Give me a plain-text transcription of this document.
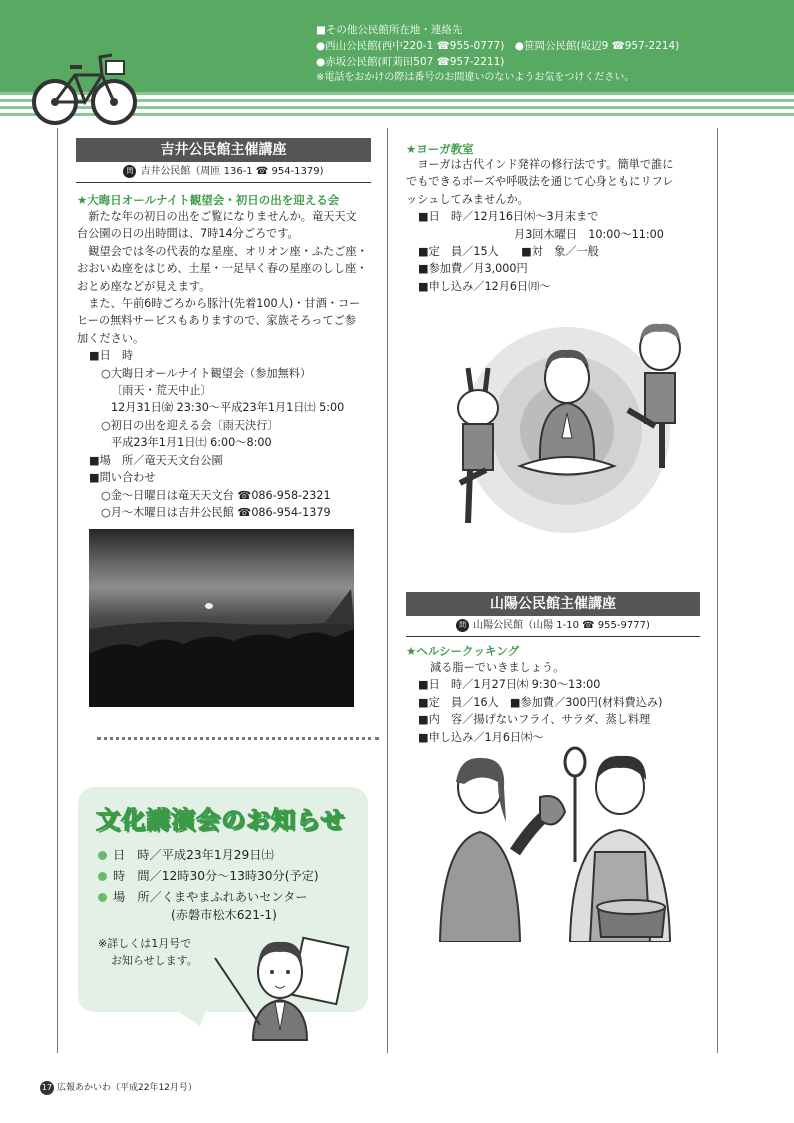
■その他公民館所在地・連絡先
●西山公民館(西中220-1 ☎955-0777)　●笹岡公民館(坂辺9 ☎957-2214)
●赤坂公民館(町苅田507 ☎957-2211)
※電話をおかけの際は番号のお間違いのないようお気をつけください。
吉井公民館主催講座
問 吉井公民館（周匝 136-1 ☎ 954-1379)
★大晦日オールナイト観望会・初日の出を迎える会
　新たな年の初日の出をご覧になりませんか。竜天天文
台公園の日の出時間は、7時14分ごろです。
　観望会では冬の代表的な星座、オリオン座・ふたご座・
おおいぬ座をはじめ、土星・一足早く春の星座のしし座・
おとめ座などが見えます。
　また、午前6時ごろから豚汁(先着100人)・甘酒・コー
ヒーの無料サービスもありますので、家族そろってご参
加ください。
■日　時
○大晦日オールナイト観望会（参加無料）
〔雨天・荒天中止〕
12月31日㈮ 23:30～平成23年1月1日㈯ 5:00
○初日の出を迎える会〔雨天決行〕
平成23年1月1日㈯ 6:00～8:00
■場　所／竜天天文台公園
■問い合わせ
○金～日曜日は竜天天文台 ☎086-958-2321
○月～木曜日は吉井公民館 ☎086-954-1379
文化講演会のお知らせ
日　時／平成23年1月29日㈯
時　間／12時30分～13時30分(予定)
場　所／くまやまふれあいセンター
(赤磐市松木621-1)
※詳しくは1月号で
お知らせします。
★ヨーガ教室
　ヨーガは古代インド発祥の修行法です。簡単で誰に
でもできるポーズや呼吸法を通じて心身ともにリフレ
ッシュしてみませんか。
■日　時／12月16日㈭～3月末まで
月3回木曜日　10:00～11:00
■定　員／15人　　■対　象／一般
■参加費／月3,000円
■申し込み／12月6日㈪～
山陽公民館主催講座
問 山陽公民館（山陽 1-10 ☎ 955-9777)
★ヘルシークッキング
減る脂ーでいきましょう。
■日　時／1月27日㈭ 9:30～13:00
■定　員／16人　■参加費／300円(材料費込み)
■内　容／揚げないフライ、サラダ、蒸し料理
■申し込み／1月6日㈭～
17 広報あかいわ（平成22年12月号）
